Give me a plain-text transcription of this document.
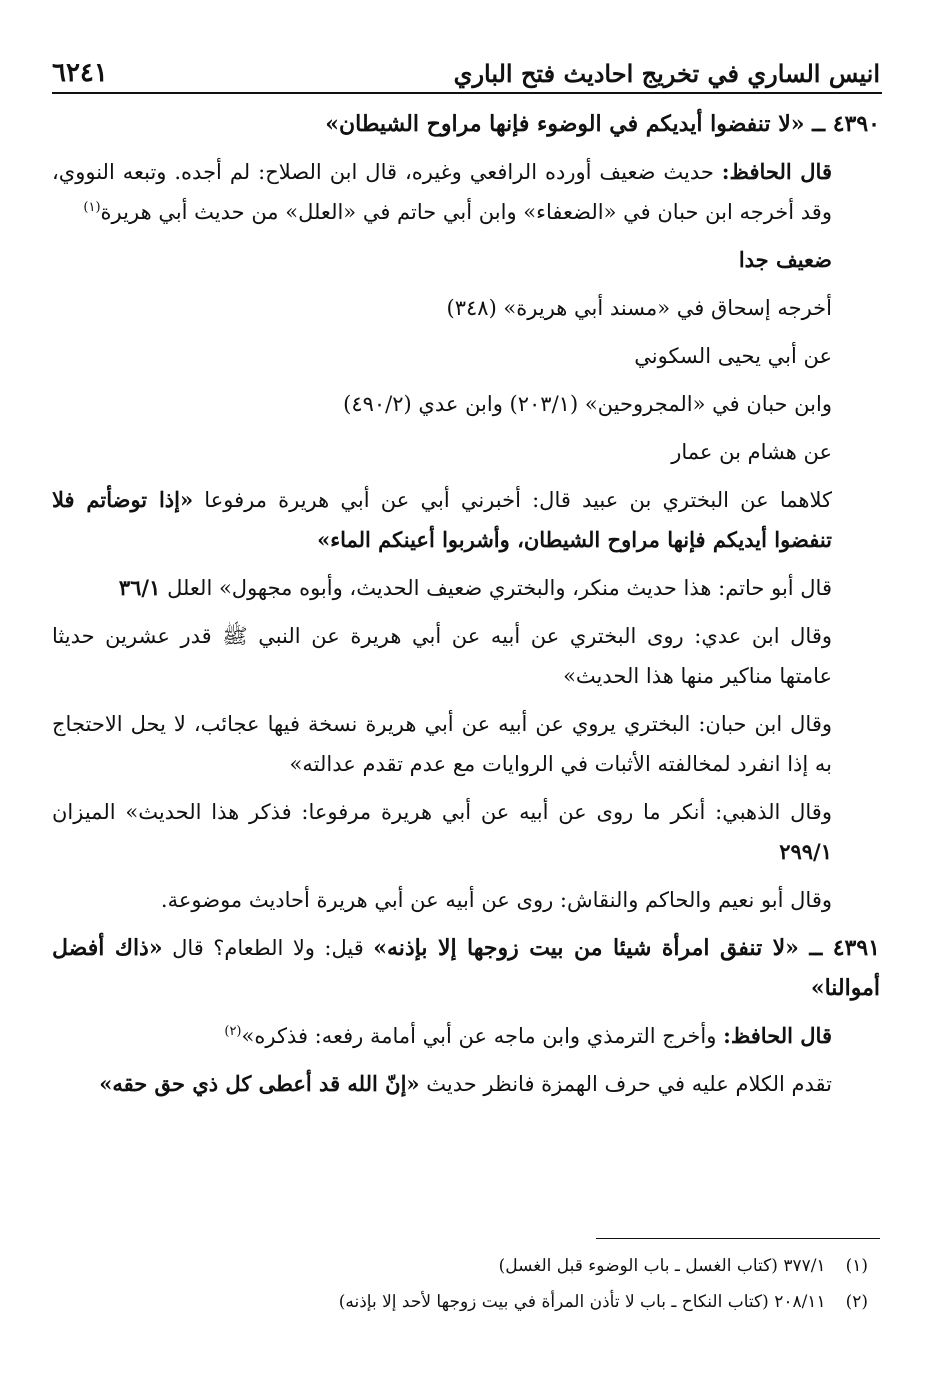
انيس الساري في تخريج احاديث فتح الباري
٦٢٤١

٤٣٩٠ ــ «لا تنفضوا أيديكم في الوضوء فإنها مراوح الشيطان»

قال الحافظ: حديث ضعيف أورده الرافعي وغيره، قال ابن الصلاح: لم أجده. وتبعه النووي، وقد أخرجه ابن حبان في «الضعفاء» وابن أبي حاتم في «العلل» من حديث أبي هريرة$^{(١)}$

ضعيف جدا

أخرجه إسحاق في «مسند أبي هريرة» (٣٤٨)

عن أبي يحيى السكوني

وابن حبان في «المجروحين» (٢٠٣/١) وابن عدي (٤٩٠/٢)

عن هشام بن عمار

كلاهما عن البختري بن عبيد قال: أخبرني أبي عن أبي هريرة مرفوعا «إذا توضأتم فلا تنفضوا أيديكم فإنها مراوح الشيطان، وأشربوا أعينكم الماء»

قال أبو حاتم: هذا حديث منكر، والبختري ضعيف الحديث، وأبوه مجهول» العلل ٣٦/١

وقال ابن عدي: روى البختري عن أبيه عن أبي هريرة عن النبي ﷺ قدر عشرين حديثا عامتها مناكير منها هذا الحديث»

وقال ابن حبان: البختري يروي عن أبيه عن أبي هريرة نسخة فيها عجائب، لا يحل الاحتجاج به إذا انفرد لمخالفته الأثبات في الروايات مع عدم تقدم عدالته»

وقال الذهبي: أنكر ما روى عن أبيه عن أبي هريرة مرفوعا: فذكر هذا الحديث» الميزان ٢٩٩/١

وقال أبو نعيم والحاكم والنقاش: روى عن أبيه عن أبي هريرة أحاديث موضوعة.

٤٣٩١ ــ «لا تنفق امرأة شيئا من بيت زوجها إلا بإذنه» قيل: ولا الطعام؟ قال «ذاك أفضل أموالنا»

قال الحافظ: وأخرج الترمذي وابن ماجه عن أبي أمامة رفعه: فذكره»$^{(٢)}$

تقدم الكلام عليه في حرف الهمزة فانظر حديث «إنّ الله قد أعطى كل ذي حق حقه»

(١)
٣٧٧/١ (كتاب الغسل ـ باب الوضوء قبل الغسل)
(٢)
٢٠٨/١١ (كتاب النكاح ـ باب لا تأذن المرأة في بيت زوجها لأحد إلا بإذنه)
